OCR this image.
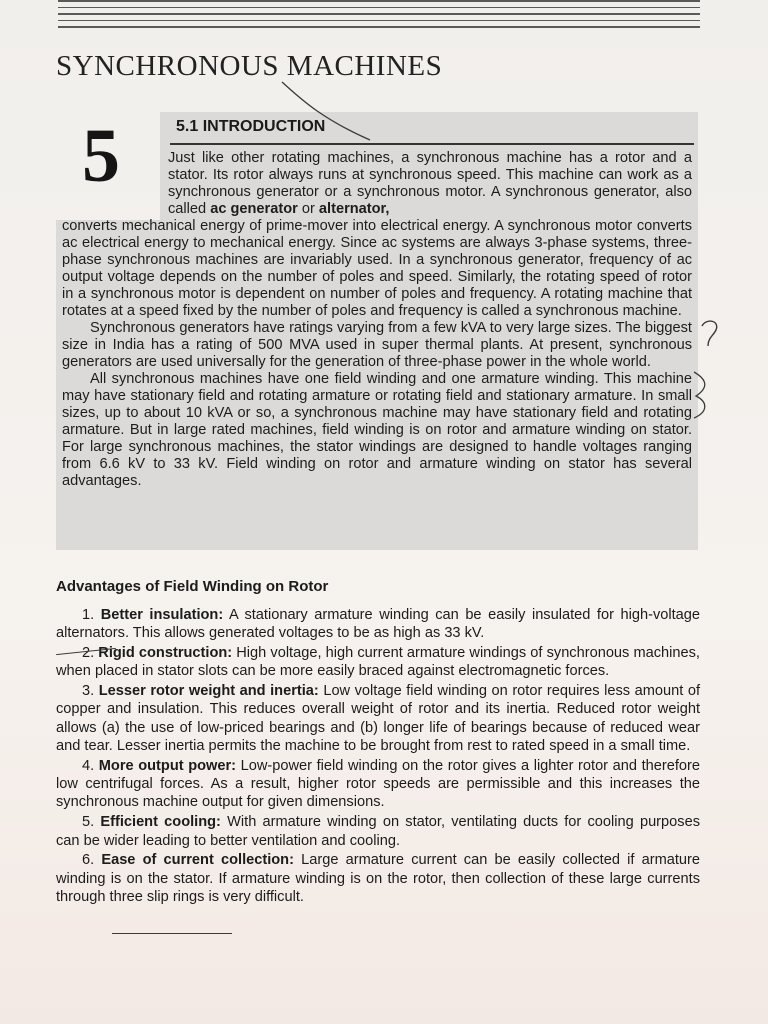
SYNCHRONOUS MACHINES
5	5.1 INTRODUCTION

Just like other rotating machines, a synchronous machine has a rotor and a stator. Its rotor always runs at synchronous speed. This machine can work as a synchronous generator or a synchronous motor. A synchronous generator, also called ac generator or alternator,

converts mechanical energy of prime-mover into electrical energy. A synchronous motor converts ac electrical energy to mechanical energy. Since ac systems are always 3-phase systems, three-phase synchronous machines are invariably used. In a synchronous generator, frequency of ac output voltage depends on the number of poles and speed. Similarly, the rotating speed of rotor in a synchronous motor is dependent on number of poles and frequency. A rotating machine that rotates at a speed fixed by the number of poles and frequency is called a synchronous machine.

Synchronous generators have ratings varying from a few kVA to very large sizes. The biggest size in India has a rating of 500 MVA used in super thermal plants. At present, synchronous generators are used universally for the generation of three-phase power in the whole world.

All synchronous machines have one field winding and one armature winding. This machine may have stationary field and rotating armature or rotating field and stationary armature. In small sizes, up to about 10 kVA or so, a synchronous machine may have stationary field and rotating armature. But in large rated machines, field winding is on rotor and armature winding on stator. For large synchronous machines, the stator windings are designed to handle voltages ranging from 6.6 kV to 33 kV. Field winding on rotor and armature winding on stator has several advantages.

Advantages of Field Winding on Rotor

1. Better insulation: A stationary armature winding can be easily insulated for high-voltage alternators. This allows generated voltages to be as high as 33 kV.

2. Rigid construction: High voltage, high current armature windings of synchronous machines, when placed in stator slots can be more easily braced against electromagnetic forces.

3. Lesser rotor weight and inertia: Low voltage field winding on rotor requires less amount of copper and insulation. This reduces overall weight of rotor and its inertia. Reduced rotor weight allows (a) the use of low-priced bearings and (b) longer life of bearings because of reduced wear and tear. Lesser inertia permits the machine to be brought from rest to rated speed in a small time.

4. More output power: Low-power field winding on the rotor gives a lighter rotor and therefore low centrifugal forces. As a result, higher rotor speeds are permissible and this increases the synchronous machine output for given dimensions.

5. Efficient cooling: With armature winding on stator, ventilating ducts for cooling purposes can be wider leading to better ventilation and cooling.

6. Ease of current collection: Large armature current can be easily collected if armature winding is on the stator. If armature winding is on the rotor, then collection of these large currents through three slip rings is very difficult.
